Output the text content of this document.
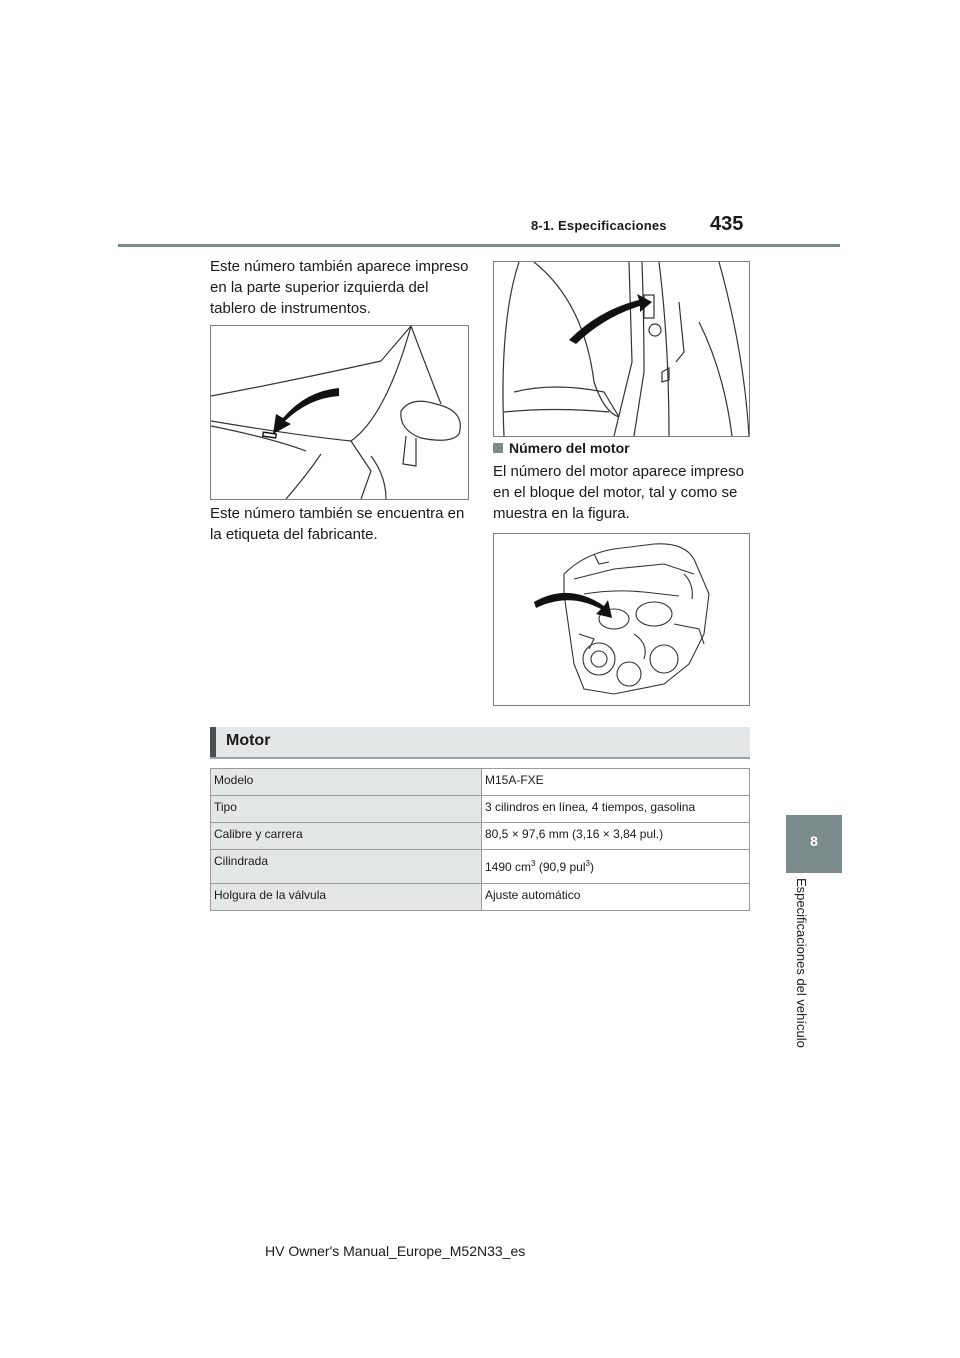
8-1. Especificaciones 435
Este número también aparece impreso en la parte superior izquierda del tablero de instrumentos.
Este número también se encuentra en la etiqueta del fabricante.
Número del motor
El número del motor aparece impreso en el bloque del motor, tal y como se muestra en la figura.
Motor
Modelo	M15A-FXE
Tipo	3 cilindros en línea, 4 tiempos, gasolina
Calibre y carrera	80,5 × 97,6 mm (3,16 × 3,84 pul.)
Cilindrada	1490 $cm^3$ (90,9 pul$^3$)
Holgura de la válvula	Ajuste automático
8
Especificaciones del vehículo
HV Owner's Manual_Europe_M52N33_es
